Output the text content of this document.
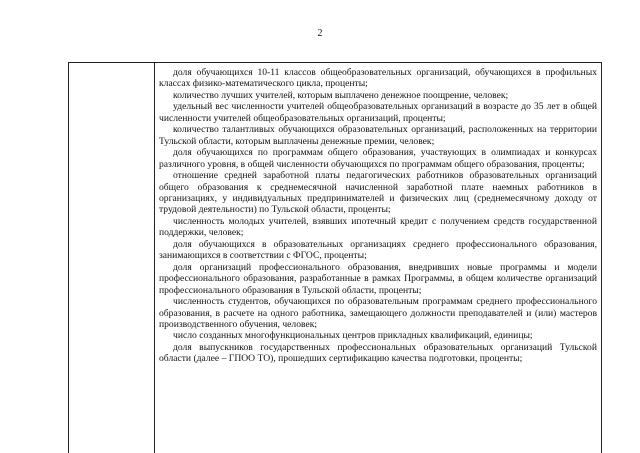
2

доля обучающихся 10-11 классов общеобразовательных организаций, обучающихся в профильных классах физико-математического цикла, проценты;

количество лучших учителей, которым выплачено денежное поощрение, человек;

удельный вес численности учителей общеобразовательных организаций в возрасте до 35 лет в общей численности учителей общеобразовательных организаций, проценты;

количество талантливых обучающихся образовательных организаций, расположенных на территории Тульской области, которым выплачены денежные премии, человек;

доля обучающихся по программам общего образования, участвующих в олимпиадах и конкурсах различного уровня, в общей численности обучающихся по программам общего образования, проценты;

отношение средней заработной платы педагогических работников образовательных организаций общего образования к среднемесячной начисленной заработной плате наемных работников в организациях, у индивидуальных предпринимателей и физических лиц (среднемесячному доходу от трудовой деятельности) по Тульской области, проценты;

численность молодых учителей, взявших ипотечный кредит с получением средств государственной поддержки, человек;

доля обучающихся в образовательных организациях среднего профессионального образования, занимающихся в соответствии с ФГОС, проценты;

доля организаций профессионального образования, внедривших новые программы и модели профессионального образования, разработанные в рамках Программы, в общем количестве организаций профессионального образования в Тульской области, проценты;

численность студентов, обучающихся по образовательным программам среднего профессионального образования, в расчете на одного работника, замещающего должности преподавателей и (или) мастеров производственного обучения, человек;

число созданных многофункциональных центров прикладных квалификаций, единицы;

доля выпускников государственных профессиональных образовательных организаций Тульской области (далее – ГПОО ТО), прошедших сертификацию качества подготовки, проценты;
